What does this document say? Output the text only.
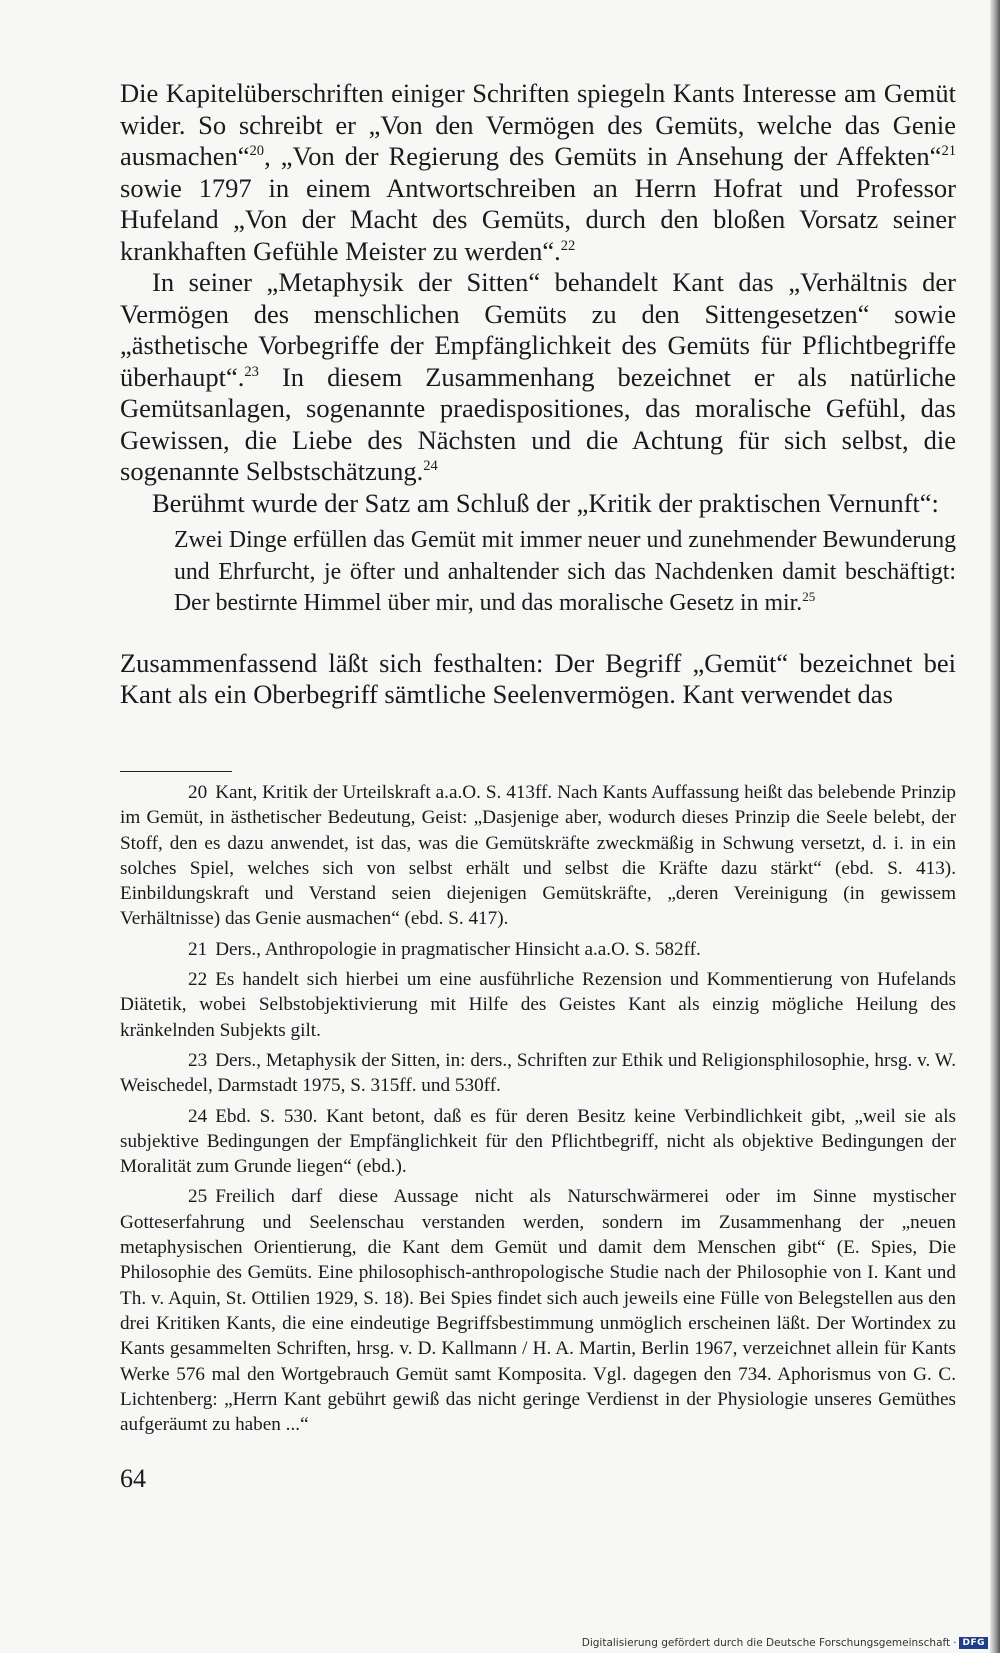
Die Kapitelüberschriften einiger Schriften spiegeln Kants Interesse am Gemüt wider. So schreibt er „Von den Vermögen des Gemüts, welche das Genie ausmachen“$^{20}$, „Von der Regierung des Gemüts in Ansehung der Affekten“$^{21}$ sowie 1797 in einem Antwortschreiben an Herrn Hofrat und Professor Hufeland „Von der Macht des Gemüts, durch den bloßen Vorsatz seiner krankhaften Gefühle Meister zu werden“.$^{22}$

In seiner „Metaphysik der Sitten“ behandelt Kant das „Verhältnis der Vermögen des menschlichen Gemüts zu den Sittengesetzen“ sowie „ästhetische Vorbegriffe der Empfänglichkeit des Gemüts für Pflichtbegriffe überhaupt“.$^{23}$ In diesem Zusammenhang bezeichnet er als natürliche Gemütsanlagen, sogenannte praedispositiones, das moralische Gefühl, das Gewissen, die Liebe des Nächsten und die Achtung für sich selbst, die sogenannte Selbstschätzung.$^{24}$

Berühmt wurde der Satz am Schluß der „Kritik der praktischen Vernunft“:

Zwei Dinge erfüllen das Gemüt mit immer neuer und zunehmender Bewunderung und Ehrfurcht, je öfter und anhaltender sich das Nachdenken damit beschäftigt: Der bestirnte Himmel über mir, und das moralische Gesetz in mir.$^{25}$

Zusammenfassend läßt sich festhalten: Der Begriff „Gemüt“ bezeichnet bei Kant als ein Oberbegriff sämtliche Seelenvermögen. Kant verwendet das

20 Kant, Kritik der Urteilskraft a.a.O. S. 413ff. Nach Kants Auffassung heißt das belebende Prinzip im Gemüt, in ästhetischer Bedeutung, Geist: „Dasjenige aber, wodurch dieses Prinzip die Seele belebt, der Stoff, den es dazu anwendet, ist das, was die Gemütskräfte zweckmäßig in Schwung versetzt, d. i. in ein solches Spiel, welches sich von selbst erhält und selbst die Kräfte dazu stärkt“ (ebd. S. 413). Einbildungskraft und Verstand seien diejenigen Gemütskräfte, „deren Vereinigung (in gewissem Verhältnisse) das Genie ausmachen“ (ebd. S. 417).

21 Ders., Anthropologie in pragmatischer Hinsicht a.a.O. S. 582ff.

22 Es handelt sich hierbei um eine ausführliche Rezension und Kommentierung von Hufelands Diätetik, wobei Selbstobjektivierung mit Hilfe des Geistes Kant als einzig mögliche Heilung des kränkelnden Subjekts gilt.

23 Ders., Metaphysik der Sitten, in: ders., Schriften zur Ethik und Religionsphilosophie, hrsg. v. W. Weischedel, Darmstadt 1975, S. 315ff. und 530ff.

24 Ebd. S. 530. Kant betont, daß es für deren Besitz keine Verbindlichkeit gibt, „weil sie als subjektive Bedingungen der Empfänglichkeit für den Pflichtbegriff, nicht als objektive Bedingungen der Moralität zum Grunde liegen“ (ebd.).

25 Freilich darf diese Aussage nicht als Naturschwärmerei oder im Sinne mystischer Gotteserfahrung und Seelenschau verstanden werden, sondern im Zusammenhang der „neuen metaphysischen Orientierung, die Kant dem Gemüt und damit dem Menschen gibt“ (E. Spies, Die Philosophie des Gemüts. Eine philosophisch-anthropologische Studie nach der Philosophie von I. Kant und Th. v. Aquin, St. Ottilien 1929, S. 18). Bei Spies findet sich auch jeweils eine Fülle von Belegstellen aus den drei Kritiken Kants, die eine eindeutige Begriffsbestimmung unmöglich erscheinen läßt. Der Wortindex zu Kants gesammelten Schriften, hrsg. v. D. Kallmann / H. A. Martin, Berlin 1967, verzeichnet allein für Kants Werke 576 mal den Wortgebrauch Gemüt samt Komposita. Vgl. dagegen den 734. Aphorismus von G. C. Lichtenberg: „Herrn Kant gebührt gewiß das nicht geringe Verdienst in der Physiologie unseres Gemüthes aufgeräumt zu haben ...“

64
Digitalisierung gefördert durch die Deutsche Forschungsgemeinschaft · DFG
